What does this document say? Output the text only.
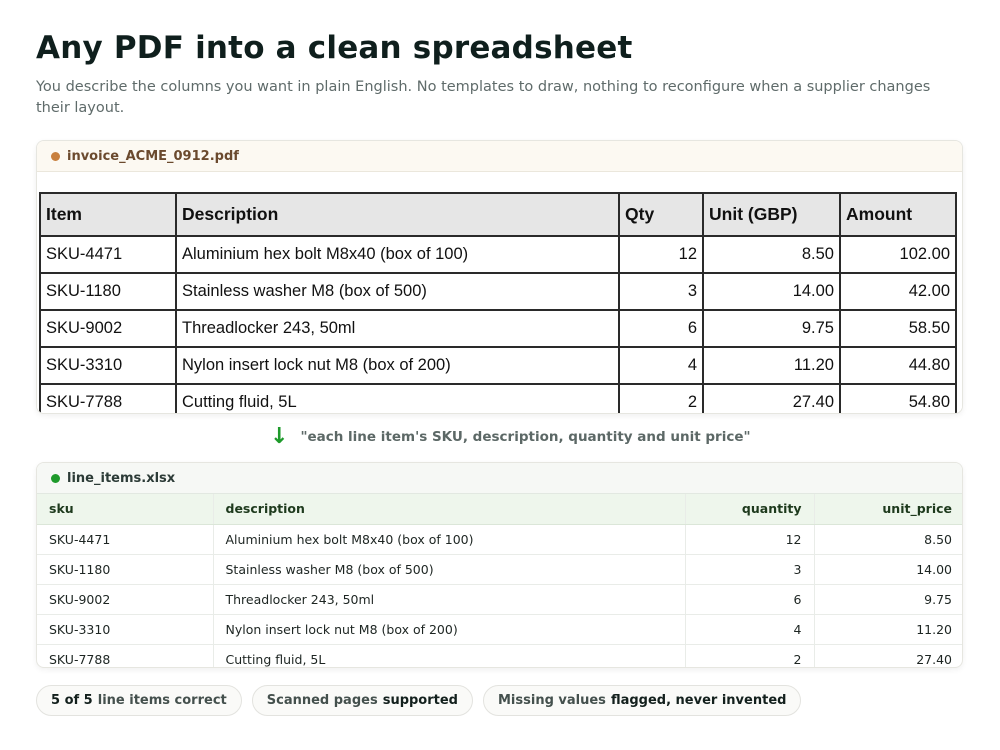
Any PDF into a clean spreadsheet

You describe the columns you want in plain English. No templates to draw, nothing to reconfigure when a supplier changes their layout.

invoice_ACME_0912.pdf
Item	Description	Qty	Unit (GBP)	Amount
SKU-4471	Aluminium hex bolt M8x40 (box of 100)	12	8.50	102.00
SKU-1180	Stainless washer M8 (box of 500)	3	14.00	42.00
SKU-9002	Threadlocker 243, 50ml	6	9.75	58.50
SKU-3310	Nylon insert lock nut M8 (box of 200)	4	11.20	44.80
SKU-7788	Cutting fluid, 5L	2	27.40	54.80
↓ "each line item's SKU, description, quantity and unit price"
line_items.xlsx
sku	description	quantity	unit_price
SKU-4471	Aluminium hex bolt M8x40 (box of 100)	12	8.50
SKU-1180	Stainless washer M8 (box of 500)	3	14.00
SKU-9002	Threadlocker 243, 50ml	6	9.75
SKU-3310	Nylon insert lock nut M8 (box of 200)	4	11.20
SKU-7788	Cutting fluid, 5L	2	27.40
5 of 5 line items correct	Scanned pages supported	Missing values flagged, never invented
